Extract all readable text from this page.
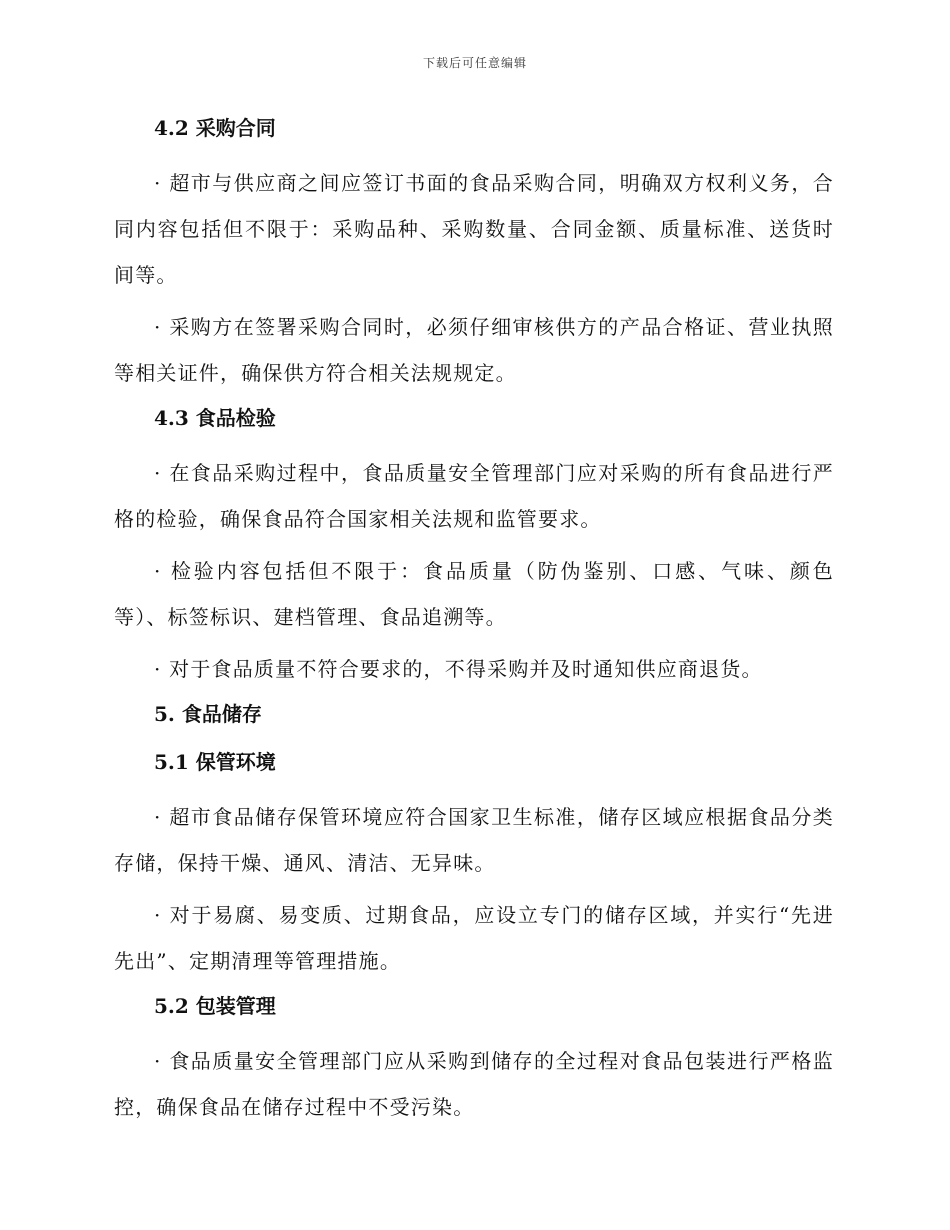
下载后可任意编辑
4.2 采购合同
· 超市与供应商之间应签订书面的食品采购合同，明确双方权利义务，合同内容包括但不限于：采购品种、采购数量、合同金额、质量标准、送货时间等。
· 采购方在签署采购合同时，必须仔细审核供方的产品合格证、营业执照等相关证件，确保供方符合相关法规规定。
4.3 食品检验
· 在食品采购过程中，食品质量安全管理部门应对采购的所有食品进行严格的检验，确保食品符合国家相关法规和监管要求。
· 检验内容包括但不限于：食品质量（防伪鉴别、口感、气味、颜色等）、标签标识、建档管理、食品追溯等。
· 对于食品质量不符合要求的，不得采购并及时通知供应商退货。
5. 食品储存
5.1 保管环境
· 超市食品储存保管环境应符合国家卫生标准，储存区域应根据食品分类存储，保持干燥、通风、清洁、无异味。
· 对于易腐、易变质、过期食品，应设立专门的储存区域，并实行“先进先出”、定期清理等管理措施。
5.2 包装管理
· 食品质量安全管理部门应从采购到储存的全过程对食品包装进行严格监控，确保食品在储存过程中不受污染。
